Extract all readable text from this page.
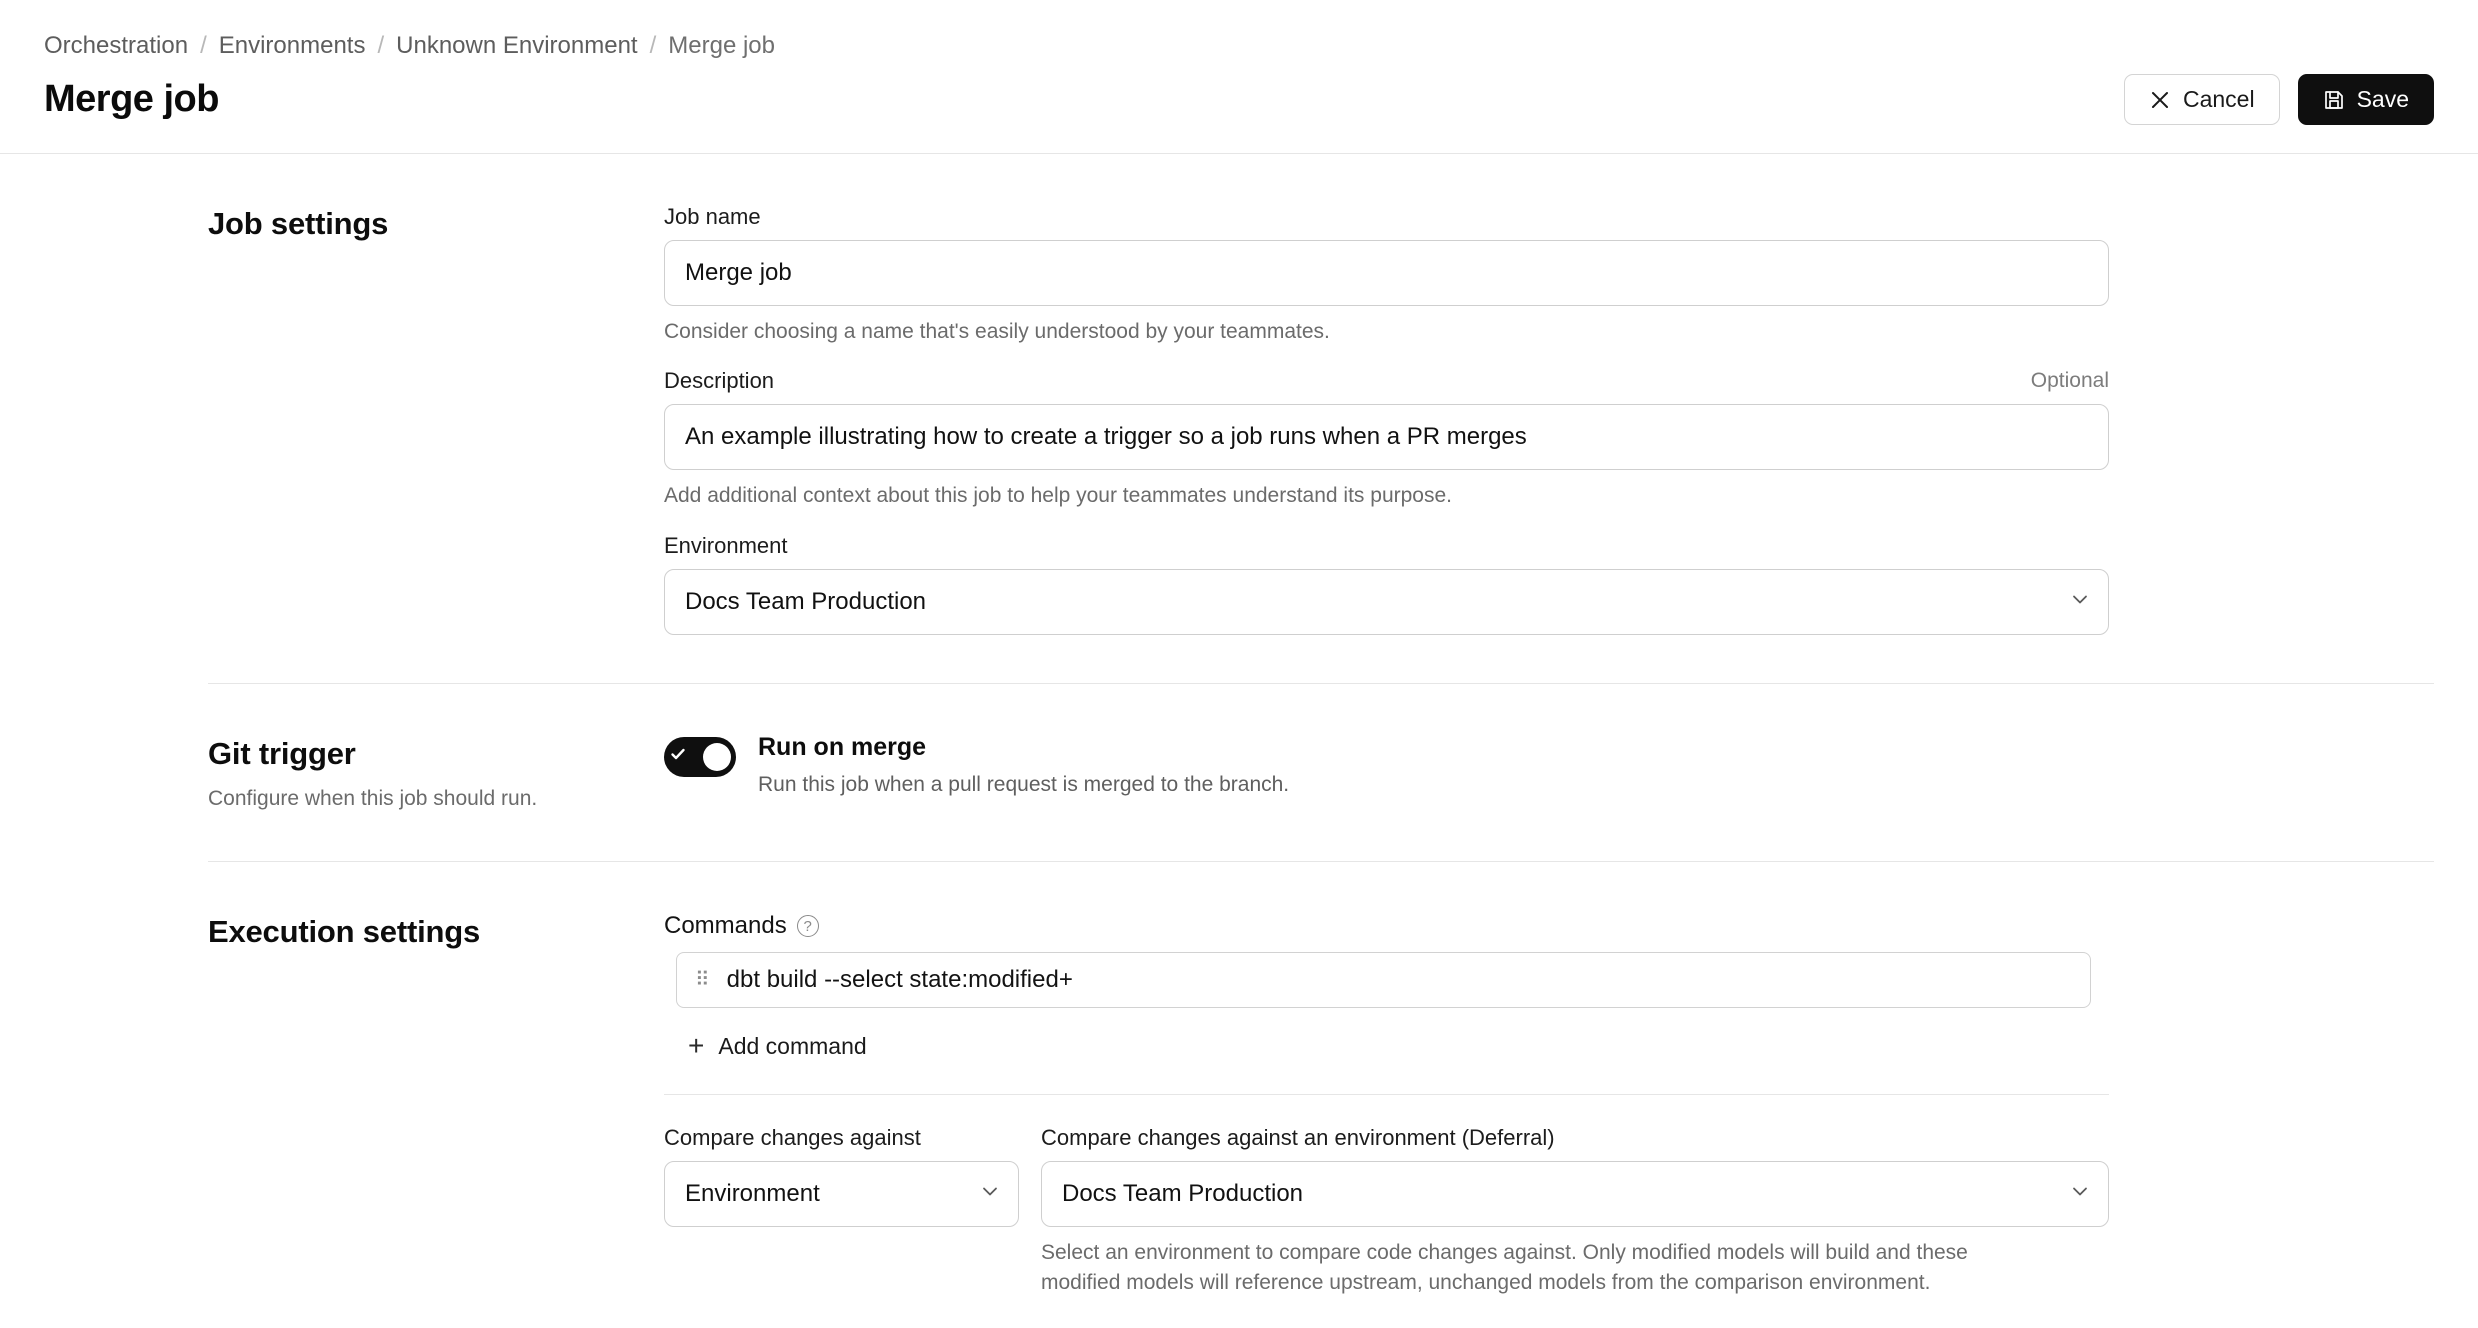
Orchestration / Environments / Unknown Environment / Merge job
Merge job	Cancel	Save
Job settings	Job name
Merge job
Consider choosing a name that's easily understood by your teammates.
Description	Optional
An example illustrating how to create a trigger so a job runs when a PR merges
Add additional context about this job to help your teammates understand its purpose.
Environment
Docs Team Production
Git trigger
Configure when this job should run.
Run on merge
Run this job when a pull request is merged to the branch.
Execution settings	Commands	?
⠿ dbt build --select state:modified+
+ Add command
Compare changes against
Environment
Compare changes against an environment (Deferral)
Docs Team Production
Select an environment to compare code changes against. Only modified models will build and these modified models will reference upstream, unchanged models from the comparison environment.
